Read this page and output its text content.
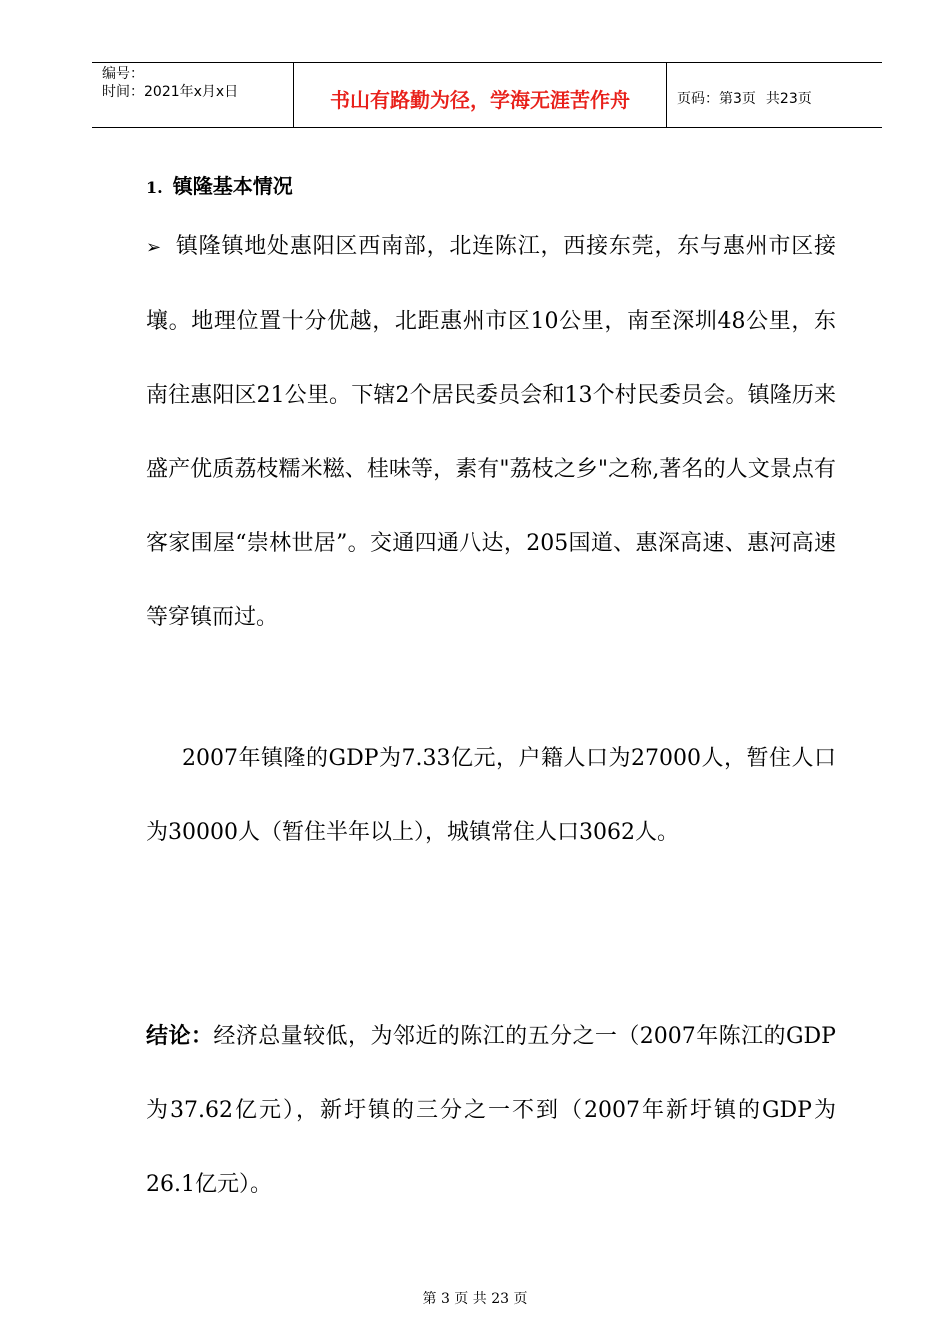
编号：
时间：2021年x月x日	书山有路勤为径，学海无涯苦作舟	页码：第3页 共23页
1. 镇隆基本情况

➢ 镇隆镇地处惠阳区西南部，北连陈江，西接东莞，东与惠州市区接壤。地理位置十分优越，北距惠州市区10公里，南至深圳48公里，东南往惠阳区21公里。下辖2个居民委员会和13个村民委员会。镇隆历来盛产优质荔枝糯米糍、桂味等，素有"荔枝之乡"之称,著名的人文景点有客家围屋“崇林世居”。交通四通八达，205国道、惠深高速、惠河高速等穿镇而过。

2007年镇隆的GDP为7.33亿元，户籍人口为27000人，暂住人口为30000人（暂住半年以上），城镇常住人口3062人。

结论：经济总量较低，为邻近的陈江的五分之一（2007年陈江的GDP为37.62亿元），新圩镇的三分之一不到（2007年新圩镇的GDP为26.1亿元）。

第 3 页 共 23 页
